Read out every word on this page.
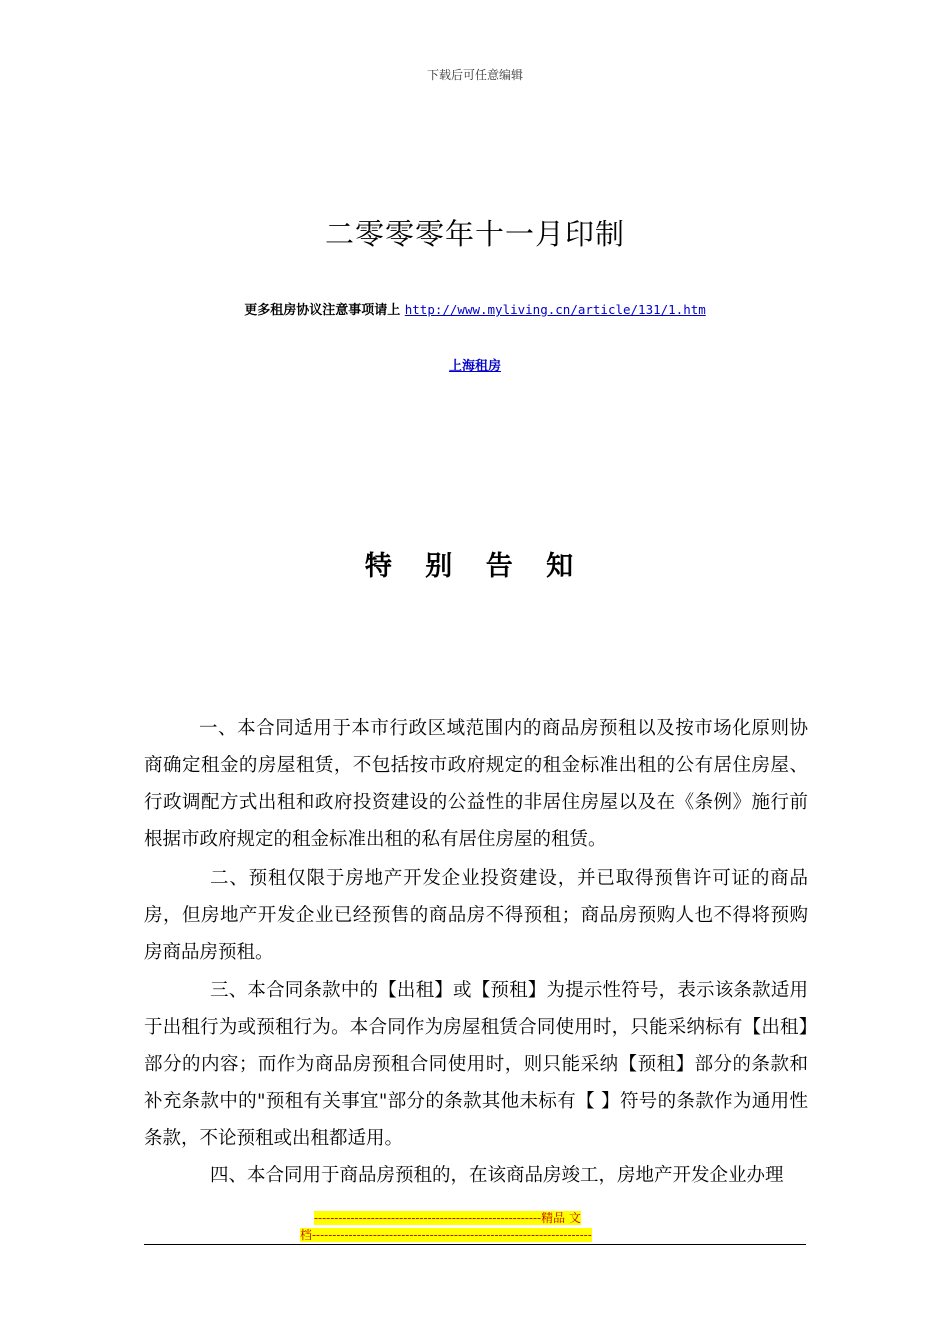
下载后可任意编辑
二零零零年十一月印制
更多租房协议注意事项请上 http://www.myliving.cn/article/131/1.htm
上海租房
特 别 告 知

一、本合同适用于本市行政区域范围内的商品房预租以及按市场化原则协商确定租金的房屋租赁，不包括按市政府规定的租金标准出租的公有居住房屋、行政调配方式出租和政府投资建设的公益性的非居住房屋以及在《条例》施行前根据市政府规定的租金标准出租的私有居住房屋的租赁。

二、预租仅限于房地产开发企业投资建设，并已取得预售许可证的商品房，但房地产开发企业已经预售的商品房不得预租；商品房预购人也不得将预购房商品房预租。

三、本合同条款中的【出租】或【预租】为提示性符号，表示该条款适用于出租行为或预租行为。本合同作为房屋租赁合同使用时，只能采纳标有【出租】部分的内容；而作为商品房预租合同使用时，则只能采纳【预租】部分的条款和补充条款中的"预租有关事宜"部分的条款其他未标有【 】符号的条款作为通用性条款，不论预租或出租都适用。

四、本合同用于商品房预租的，在该商品房竣工，房地产开发企业办理

--------------------------------------------------------精品 文
档---------------------------------------------------------------------
